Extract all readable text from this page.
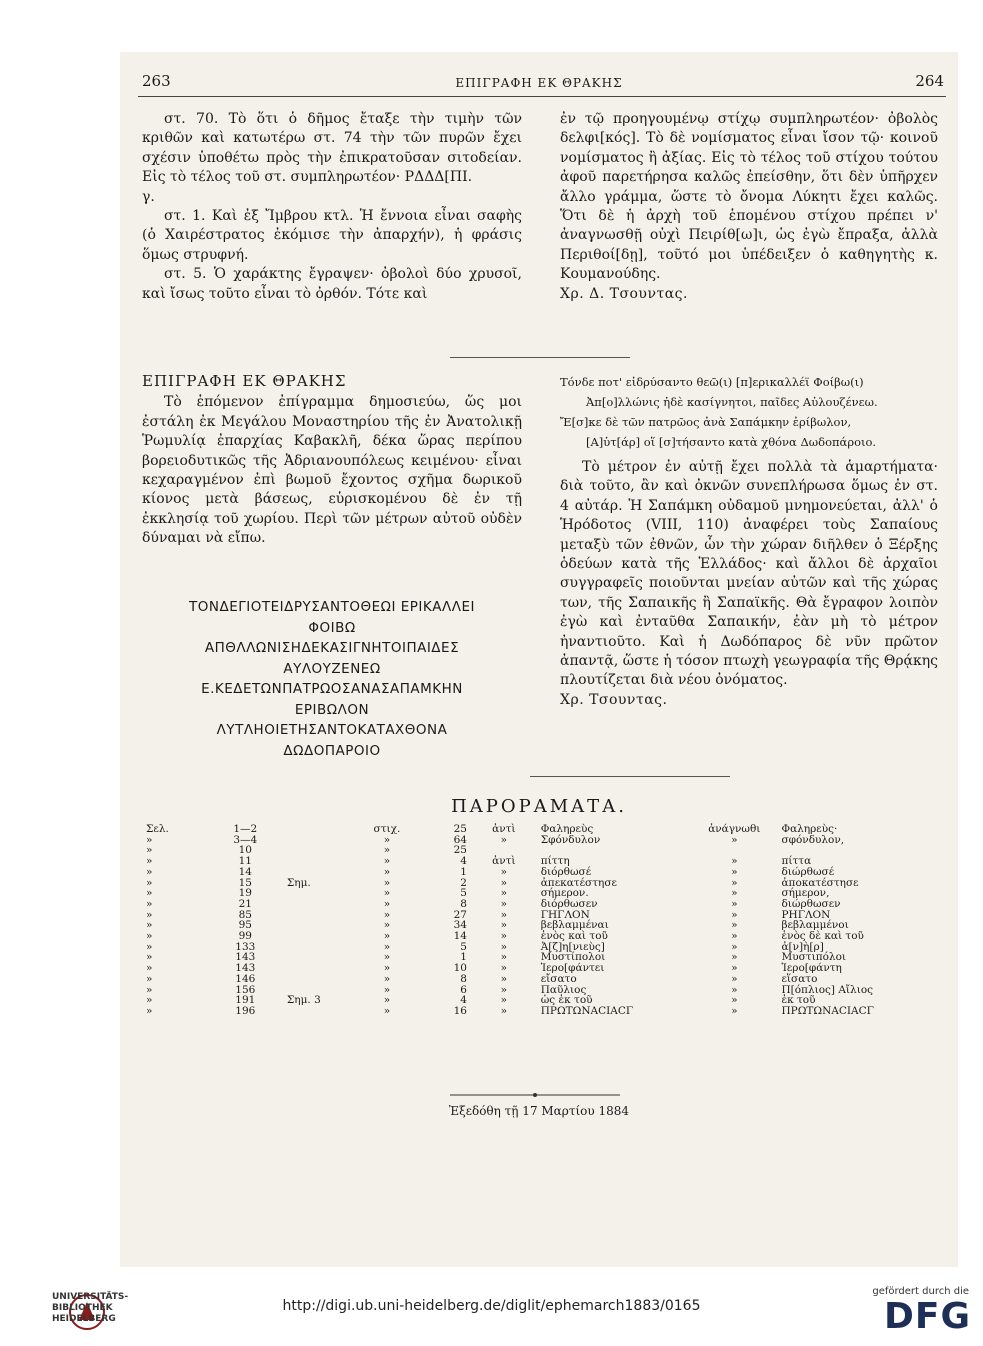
263	ΕΠΙΓΡΑΦΗ ΕΚ ΘΡΑΚΗΣ	264

στ. 70. Τὸ ὅτι ὁ δῆμος ἔταξε τὴν τιμὴν τῶν κριθῶν καὶ κατωτέρω στ. 74 τὴν τῶν πυρῶν ἔχει σχέσιν ὑποθέτω πρὸς τὴν ἐπικρατοῦσαν σιτοδείαν. Εἰς τὸ τέλος τοῦ στ. συμπληρωτέον· ΡΔΔΔ[ΠΙ.

γ.

στ. 1. Καὶ ἐξ Ἴμβρου κτλ. Ἡ ἔννοια εἶναι σαφὴς (ὁ Χαιρέστρατος ἐκόμισε τὴν ἀπαρχήν), ἡ φράσις ὅμως στρυφνή.

στ. 5. Ὁ χαράκτης ἔγραψεν· ὀβολοὶ δύο χρυσοῖ, καὶ ἴσως τοῦτο εἶναι τὸ ὀρθόν. Τότε καὶ

ἐν τῷ προηγουμένῳ στίχῳ συμπληρωτέον· ὀβολὸς δελφι[κός]. Τὸ δὲ νομίσματος εἶναι ἴσον τῷ· κοινοῦ νομίσματος ἢ ἀξίας. Εἰς τὸ τέλος τοῦ στίχου τούτου ἀφοῦ παρετήρησα καλῶς ἐπείσθην, ὅτι δὲν ὑπῆρχεν ἄλλο γράμμα, ὥστε τὸ ὄνομα Λύκητι ἔχει καλῶς. Ὅτι δὲ ἡ ἀρχὴ τοῦ ἑπομένου στίχου πρέπει ν' ἀναγνωσθῇ οὐχὶ Πειρίθ[ω]ι, ὡς ἐγὼ ἔπραξα, ἀλλὰ Περιθοί[δῃ], τοῦτό μοι ὑπέδειξεν ὁ καθηγητὴς κ. Κουμανούδης.

Χρ. Δ. Τσουντας.

ΕΠΙΓΡΑΦΗ ΕΚ ΘΡΑΚΗΣ

Τὸ ἑπόμενον ἐπίγραμμα δημοσιεύω, ὥς μοι ἐστάλη ἐκ Μεγάλου Μοναστηρίου τῆς ἐν Ἀνατολικῇ Ῥωμυλίᾳ ἐπαρχίας Καβακλῆ, δέκα ὥρας περίπου βορειοδυτικῶς τῆς Ἀδριανουπόλεως κειμένου· εἶναι κεχαραγμένον ἐπὶ βωμοῦ ἔχοντος σχῆμα δωρικοῦ κίονος μετὰ βάσεως, εὑρισκομένου δὲ ἐν τῇ ἐκκλησίᾳ τοῦ χωρίου. Περὶ τῶν μέτρων αὐτοῦ οὐδὲν δύναμαι νὰ εἴπω.

ΤΟΝΔΕΓΙΟΤΕΙΔΡΥΣΑΝΤΟΘΕΩΙ ΕΡΙΚΑΛΛΕΙ
ΦΟΙΒΩ
ΑΠΘΛΛΩΝΙΣΗΔΕΚΑΣΙΓΝΗΤΟΙΠΑΙΔΕΣ
ΑΥΛΟΥΖΕΝΕΩ
Ε.ΚΕΔΕΤΩΝΠΑΤΡΩΟΣΑΝΑΣΑΠΑΜΚΗΝ
ΕΡΙΒΩΛΟΝ
ΛΥΤΛΗΟΙΕΤΗΣΑΝΤΟΚΑΤΑΧΘΟΝΑ
ΔΩΔΟΠΑΡΟΙΟ
Τόνδε ποτ' εἰδρύσαντο θεῶ(ι) [π]ερικαλλέϊ Φοίβω(ι)
Ἀπ[ο]λλώνις ἠδὲ κασίγνητοι, παῖδες Αὐλουζένεω.
Ἔ[σ]κε δὲ τῶν πατρῶος ἀνὰ Σαπάμκην ἐρίβωλον,
[Α]ὐτ[άρ] οἵ [σ]τήσαντο κατὰ χθόνα Δωδοπάροιο.

Τὸ μέτρον ἐν αὐτῇ ἔχει πολλὰ τὰ ἁμαρτήματα· διὰ τοῦτο, ἂν καὶ ὀκνῶν συνεπλήρωσα ὅμως ἐν στ. 4 αὐτάρ. Ἡ Σαπάμκη οὐδαμοῦ μνημονεύεται, ἀλλ' ὁ Ἡρόδοτος (VIII, 110) ἀναφέρει τοὺς Σαπαίους μεταξὺ τῶν ἐθνῶν, ὧν τὴν χώραν διῆλθεν ὁ Ξέρξης ὁδεύων κατὰ τῆς Ἑλλάδος· καὶ ἄλλοι δὲ ἀρχαῖοι συγγραφεῖς ποιοῦνται μνείαν αὐτῶν καὶ τῆς χώρας των, τῆς Σαπαικῆς ἢ Σαπαϊκῆς. Θὰ ἔγραφον λοιπὸν ἐγὼ καὶ ἐνταῦθα Σαπαικήν, ἐὰν μὴ τὸ μέτρον ἠναντιοῦτο. Καὶ ἡ Δωδόπαρος δὲ νῦν πρῶτον ἀπαντᾷ, ὥστε ἡ τόσον πτωχὴ γεωγραφία τῆς Θρᾴκης πλουτίζεται διὰ νέου ὀνόματος.

Χρ. Τσουντας.

ΠΑΡΟΡΑΜΑΤΑ.
Σελ.	1—2		στιχ.	25	ἀντὶ	Φαληρεὺς	ἀνάγνωθι	Φαληρεὺς·
»	3—4		»	64	»	Σφόνδυλον	»	σφόνδυλον,
»	10		»	25				
»	11		»	4	ἀντὶ	πίττη	»	πίττα
»	14		»	1	»	διόρθωσέ	»	διώρθωσέ
»	15	Σημ.	»	2	»	ἀπεκατέστησε	»	ἀποκατέστησε
»	19		»	5	»	σήμερον.	»	σήμερον,
»	21		»	8	»	διόρθωσεν	»	διώρθωσεν
»	85		»	27	»	ΓΗΓΛΟΝ	»	ΡΗΓΛΟΝ
»	95		»	34	»	βεβλαμμέναι	»	βεβλαμμένοι
»	99		»	14	»	ἑνὸς καὶ τοῦ	»	ἑνὸς δὲ καὶ τοῦ
»	133		»	5	»	Ἀ[ζ]η[νιεὺς]	»	ἀ[ν]ὴ[ρ]
»	143		»	1	»	Μυστίπολοι	»	Μυστιπόλοι
»	143		»	10	»	Ἱερο[φάντει	»	Ἱερο[φάντη
»	146		»	8	»	εἴσατο	»	εἵσατο
»	156		»	6	»	Παῦλιος	»	Π[όπλιος] Αἴλιος
»	191	Σημ. 3	»	4	»	ὡς ἐκ τοῦ	»	ἐκ τοῦ
»	196		»	16	»	ΠΡΩΤΩΝΑCIACΓ	»	ΠΡΩΤΩΝΑCIACΓ
Ἐξεδόθη τῇ 17 Μαρτίου 1884
UNIVERSITÄTS-
BIBLIOTHEK
HEIDELBERG
http://digi.ub.uni-heidelberg.de/diglit/ephemarch1883/0165
gefördert durch die
DFG
